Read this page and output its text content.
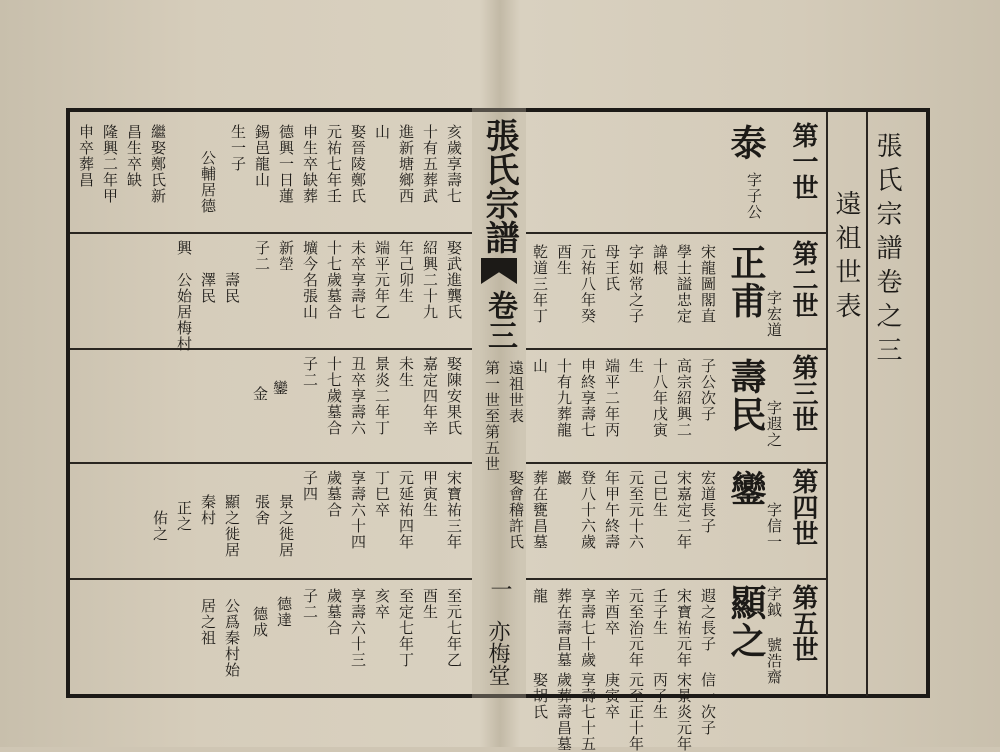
張氏宗譜卷之三
遠祖世表
第一世
第二世
第三世
第四世
第五世
泰
字子公
宋龍圖閣直
學士謚忠定
諱根
字如常之子
母王氏
元祐八年癸
酉生
乾道三年丁
山
正甫
字宏道
子公次子
高宗紹興二
十八年戊寅
生
端平二年丙
申終享壽七
十有九葬龍
巖
壽民
字遐之
宏道長子
宋嘉定二年
己巳生
元至元十六
年甲午終壽
登八十六歲
葬在甕昌墓
龍
鑾
字信一
遐之長子
宋寶祐元年
壬子生
元至治元年
辛酉卒
享壽七十歲
葬在壽昌墓
娶會稽許氏
顯之
字鉞 號浩齋
信一次子
宋景炎元年
丙子生
元至正十年
庚寅卒
享壽七十五
歲葬壽昌墓
娶胡氏
張氏宗譜
卷三
遠祖世表
第一世至第五世
一
亦梅堂
亥歲享壽七
十有五葬武
進新塘鄉西
山
娶晉陵鄭氏
元祐七年壬
申生卒缺葬
德興一日蓮
錫邑龍山
生一子
公輔居德
興
繼娶鄭氏新
昌生卒缺
隆興二年甲
申卒葬昌
娶武進龔氏
紹興二十九
年己卯生
端平元年乙
未卒享壽七
十七歲墓合
壙今名張山
新塋
子二
壽民
澤民
公始居梅村
娶陳安果氏
嘉定四年辛
未生
景炎二年丁
丑卒享壽六
十七歲墓合
子二
鑾
金
宋寶祐三年
甲寅生
元延祐四年
丁巳卒
享壽六十四
歲墓合
子四
景之徙居
張舍
顯之徙居
秦村
正之
佑之
至元七年乙
酉生
至定七年丁
亥卒
享壽六十三
歲墓合
子二
德達
德成
公爲秦村始
居之祖
